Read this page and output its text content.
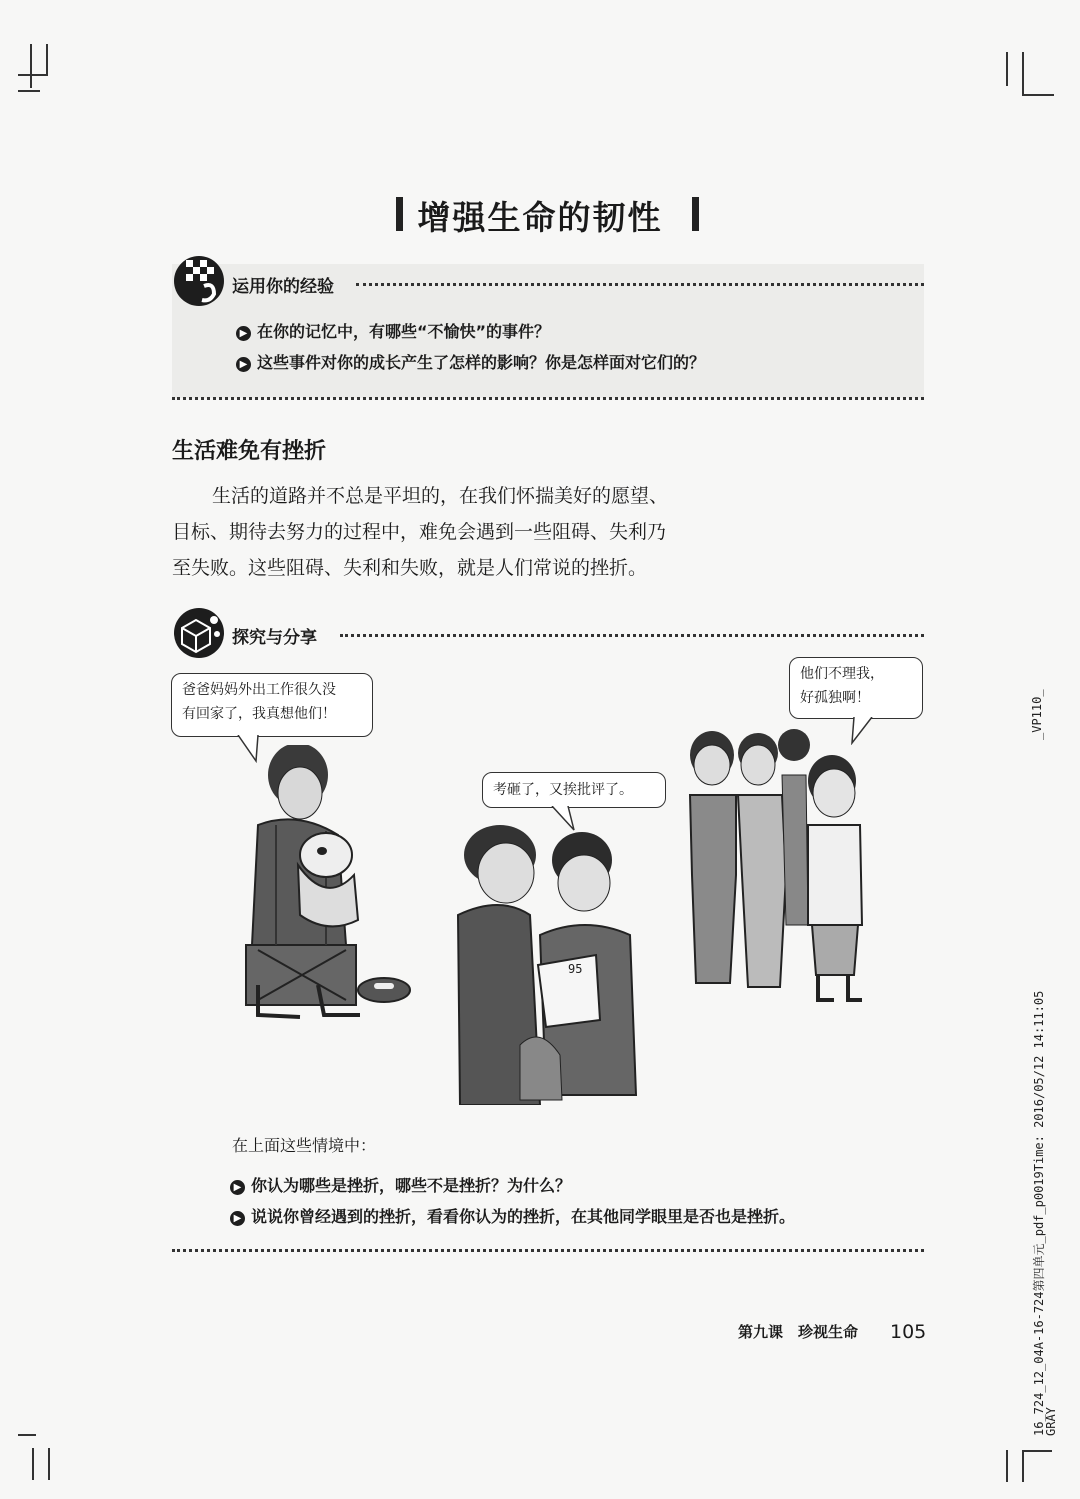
增强生命的韧性
运用你的经验
▶ 在你的记忆中，有哪些“不愉快”的事件？
▶ 这些事件对你的成长产生了怎样的影响？你是怎样面对它们的？
生活难免有挫折

生活的道路并不总是平坦的，在我们怀揣美好的愿望、

目标、期待去努力的过程中，难免会遇到一些阻碍、失利乃

至失败。这些阻碍、失利和失败，就是人们常说的挫折。

探究与分享

爸爸妈妈外出工作很久没

有回家了，我真想他们！

考砸了，又挨批评了。

他们不理我，

好孤独啊！

95
在上面这些情境中：
▶ 你认为哪些是挫折，哪些不是挫折？为什么？
▶ 说说你曾经遇到的挫折，看看你认为的挫折，在其他同学眼里是否也是挫折。
第九课　珍视生命 105
_VP110_
16_724_12_04A-16-724第四单元_pdf_p0019Time: 2016/05/12 14:11:05
GRAY
